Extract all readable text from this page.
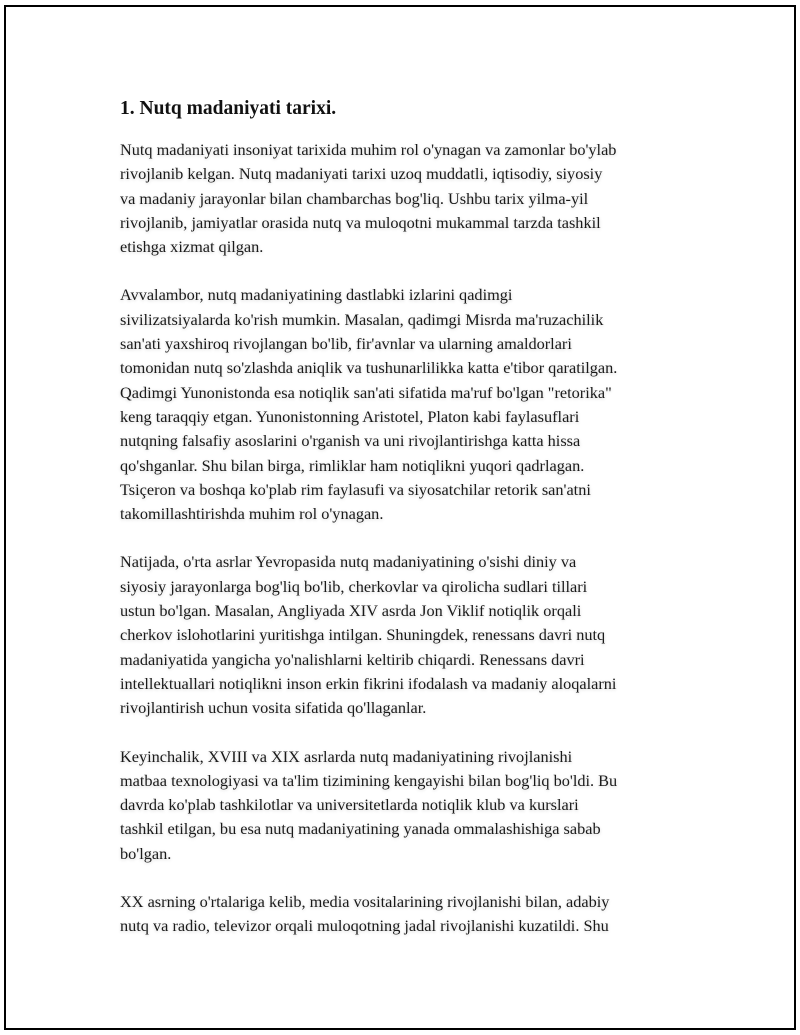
1. Nutq madaniyati tarixi.

Nutq madaniyati insoniyat tarixida muhim rol o'ynagan va zamonlar bo'ylab
rivojlanib kelgan. Nutq madaniyati tarixi uzoq muddatli, iqtisodiy, siyosiy
va madaniy jarayonlar bilan chambarchas bog'liq. Ushbu tarix yilma-yil
rivojlanib, jamiyatlar orasida nutq va muloqotni mukammal tarzda tashkil
etishga xizmat qilgan.

Avvalambor, nutq madaniyatining dastlabki izlarini qadimgi
sivilizatsiyalarda ko'rish mumkin. Masalan, qadimgi Misrda ma'ruzachilik
san'ati yaxshiroq rivojlangan bo'lib, fir'avnlar va ularning amaldorlari
tomonidan nutq so'zlashda aniqlik va tushunarlilikka katta e'tibor qaratilgan.
Qadimgi Yunonistonda esa notiqlik san'ati sifatida ma'ruf bo'lgan "retorika"
keng taraqqiy etgan. Yunonistonning Aristotel, Platon kabi faylasuflari
nutqning falsafiy asoslarini o'rganish va uni rivojlantirishga katta hissa
qo'shganlar. Shu bilan birga, rimliklar ham notiqlikni yuqori qadrlagan.
Tsiçeron va boshqa ko'plab rim faylasufi va siyosatchilar retorik san'atni
takomillashtirishda muhim rol o'ynagan.

Natijada, o'rta asrlar Yevropasida nutq madaniyatining o'sishi diniy va
siyosiy jarayonlarga bog'liq bo'lib, cherkovlar va qirolicha sudlari tillari
ustun bo'lgan. Masalan, Angliyada XIV asrda Jon Viklif notiqlik orqali
cherkov islohotlarini yuritishga intilgan. Shuningdek, renessans davri nutq
madaniyatida yangicha yo'nalishlarni keltirib chiqardi. Renessans davri
intellektuallari notiqlikni inson erkin fikrini ifodalash va madaniy aloqalarni
rivojlantirish uchun vosita sifatida qo'llaganlar.

Keyinchalik, XVIII va XIX asrlarda nutq madaniyatining rivojlanishi
matbaa texnologiyasi va ta'lim tizimining kengayishi bilan bog'liq bo'ldi. Bu
davrda ko'plab tashkilotlar va universitetlarda notiqlik klub va kurslari
tashkil etilgan, bu esa nutq madaniyatining yanada ommalashishiga sabab
bo'lgan.

XX asrning o'rtalariga kelib, media vositalarining rivojlanishi bilan, adabiy
nutq va radio, televizor orqali muloqotning jadal rivojlanishi kuzatildi. Shu
